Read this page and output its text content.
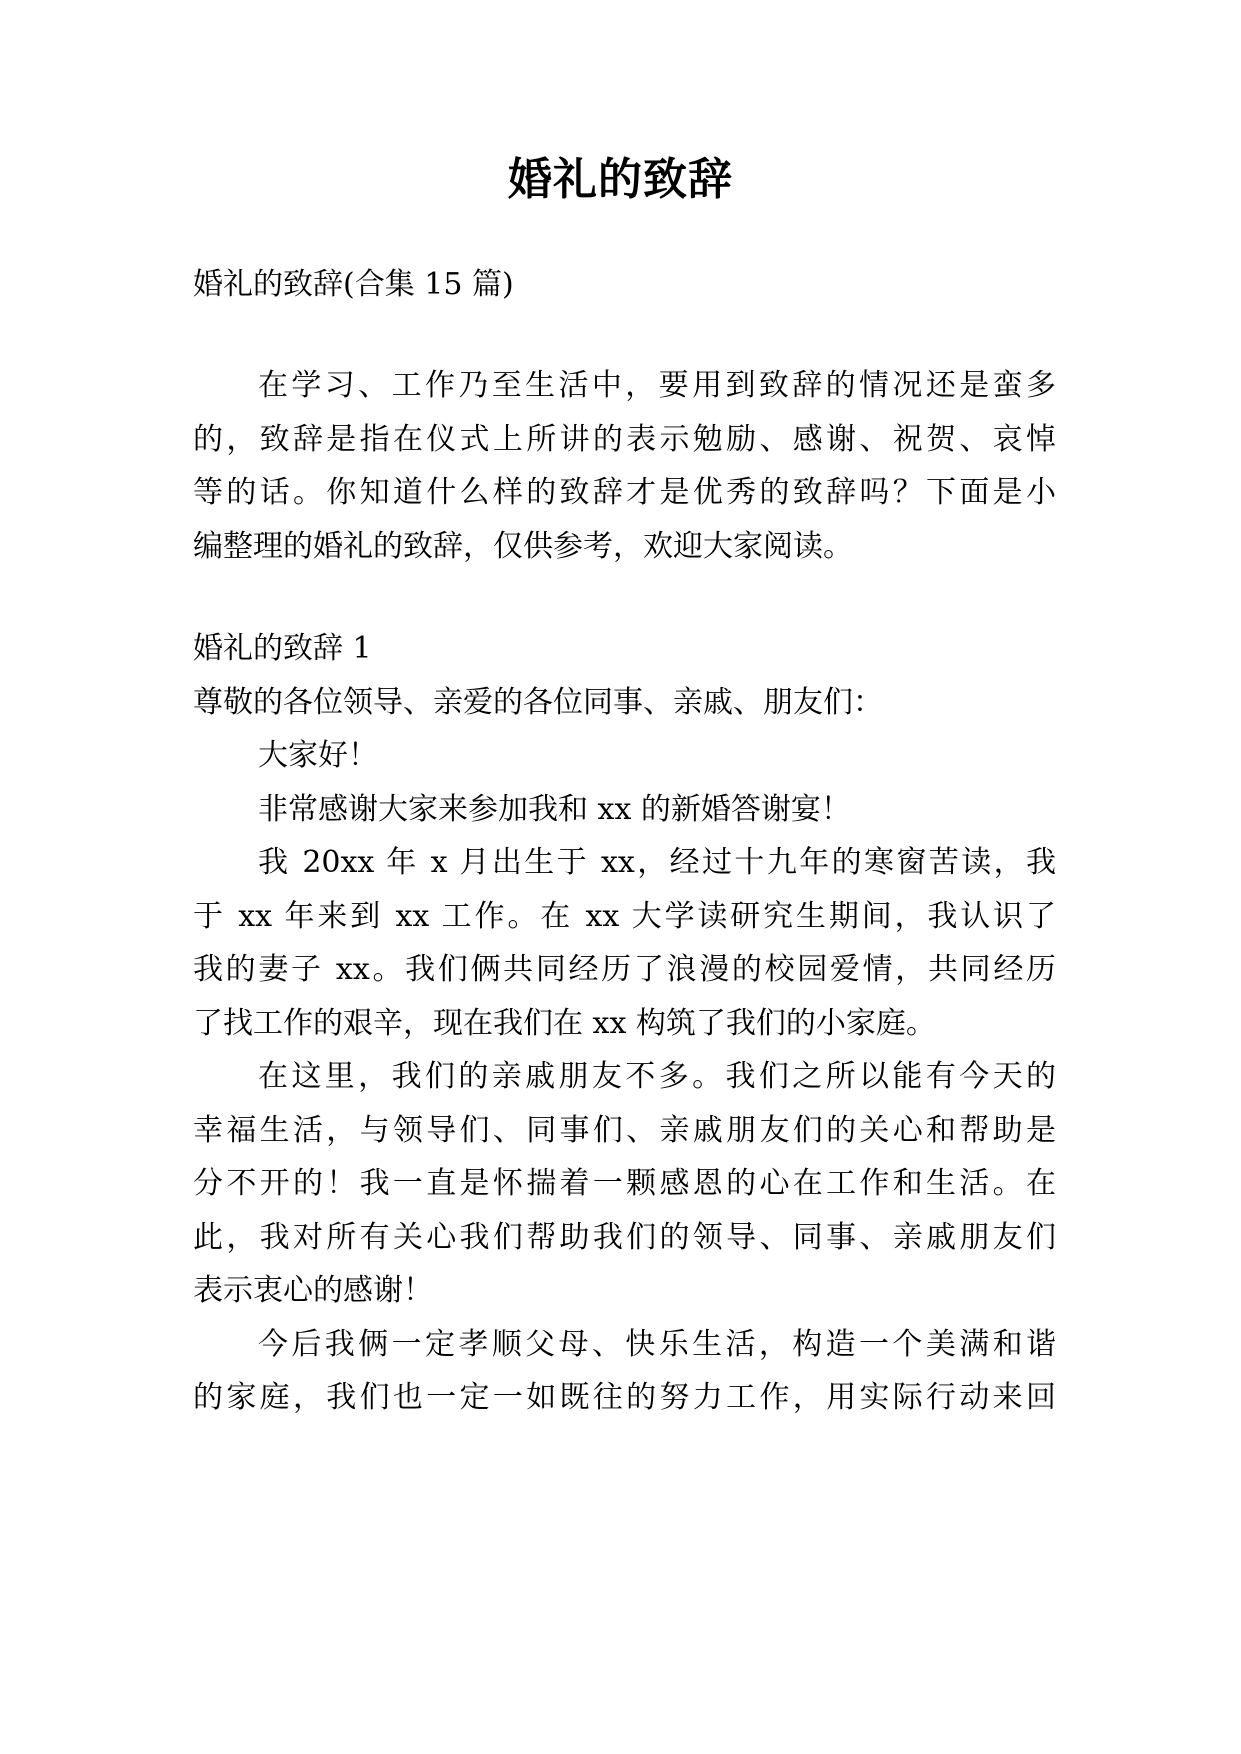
婚礼的致辞
婚礼的致辞(合集 15 篇)
在学习、工作乃至生活中，要用到致辞的情况还是蛮多
的，致辞是指在仪式上所讲的表示勉励、感谢、祝贺、哀悼
等的话。你知道什么样的致辞才是优秀的致辞吗？下面是小
编整理的婚礼的致辞，仅供参考，欢迎大家阅读。
婚礼的致辞 1
尊敬的各位领导、亲爱的各位同事、亲戚、朋友们：
大家好！
非常感谢大家来参加我和 xx 的新婚答谢宴！
我 20xx 年 x 月出生于 xx，经过十九年的寒窗苦读，我
于 xx 年来到 xx 工作。在 xx 大学读研究生期间，我认识了
我的妻子 xx。我们俩共同经历了浪漫的校园爱情，共同经历
了找工作的艰辛，现在我们在 xx 构筑了我们的小家庭。
在这里，我们的亲戚朋友不多。我们之所以能有今天的
幸福生活，与领导们、同事们、亲戚朋友们的关心和帮助是
分不开的！我一直是怀揣着一颗感恩的心在工作和生活。在
此，我对所有关心我们帮助我们的领导、同事、亲戚朋友们
表示衷心的感谢！
今后我俩一定孝顺父母、快乐生活，构造一个美满和谐
的家庭，我们也一定一如既往的努力工作，用实际行动来回
